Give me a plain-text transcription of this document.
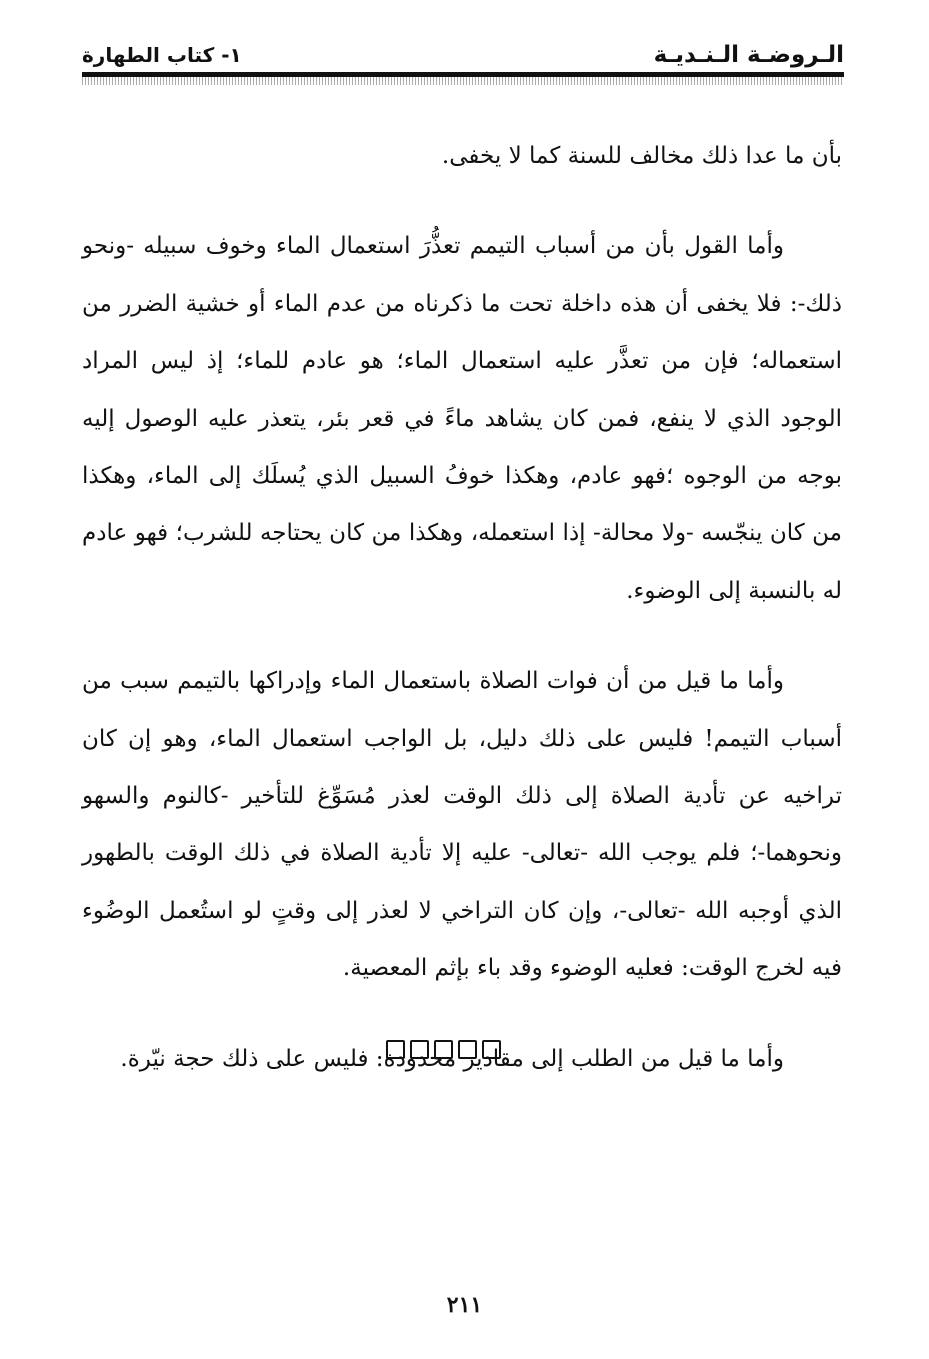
الـروضـة الـنـديـة
١- كتاب الطهارة

بأن ما عدا ذلك مخالف للسنة كما لا يخفى.

وأما القول بأن من أسباب التيمم تعذُّرَ استعمال الماء وخوف سبيله -ونحو ذلك-: فلا يخفى أن هذه داخلة تحت ما ذكرناه من عدم الماء أو خشية الضرر من استعماله؛ فإن من تعذَّر عليه استعمال الماء؛ هو عادم للماء؛ إذ ليس المراد الوجود الذي لا ينفع، فمن كان يشاهد ماءً في قعر بئر، يتعذر عليه الوصول إليه بوجه من الوجوه ؛فهو عادم، وهكذا خوفُ السبيل الذي يُسلَك إلى الماء، وهكذا من كان ينجّسه -ولا محالة- إذا استعمله، وهكذا من كان يحتاجه للشرب؛ فهو عادم له بالنسبة إلى الوضوء.

وأما ما قيل من أن فوات الصلاة باستعمال الماء وإدراكها بالتيمم سبب من أسباب التيمم! فليس على ذلك دليل، بل الواجب استعمال الماء، وهو إن كان تراخيه عن تأدية الصلاة إلى ذلك الوقت لعذر مُسَوِّغ للتأخير -كالنوم والسهو ونحوهما-؛ فلم يوجب الله -تعالى- عليه إلا تأدية الصلاة في ذلك الوقت بالطهور الذي أوجبه الله -تعالى-، وإن كان التراخي لا لعذر إلى وقتٍ لو استُعمل الوضُوء فيه لخرج الوقت: فعليه الوضوء وقد باء بإثم المعصية.

وأما ما قيل من الطلب إلى مقادير محدودة: فليس على ذلك حجة نيّرة.

٢١١
